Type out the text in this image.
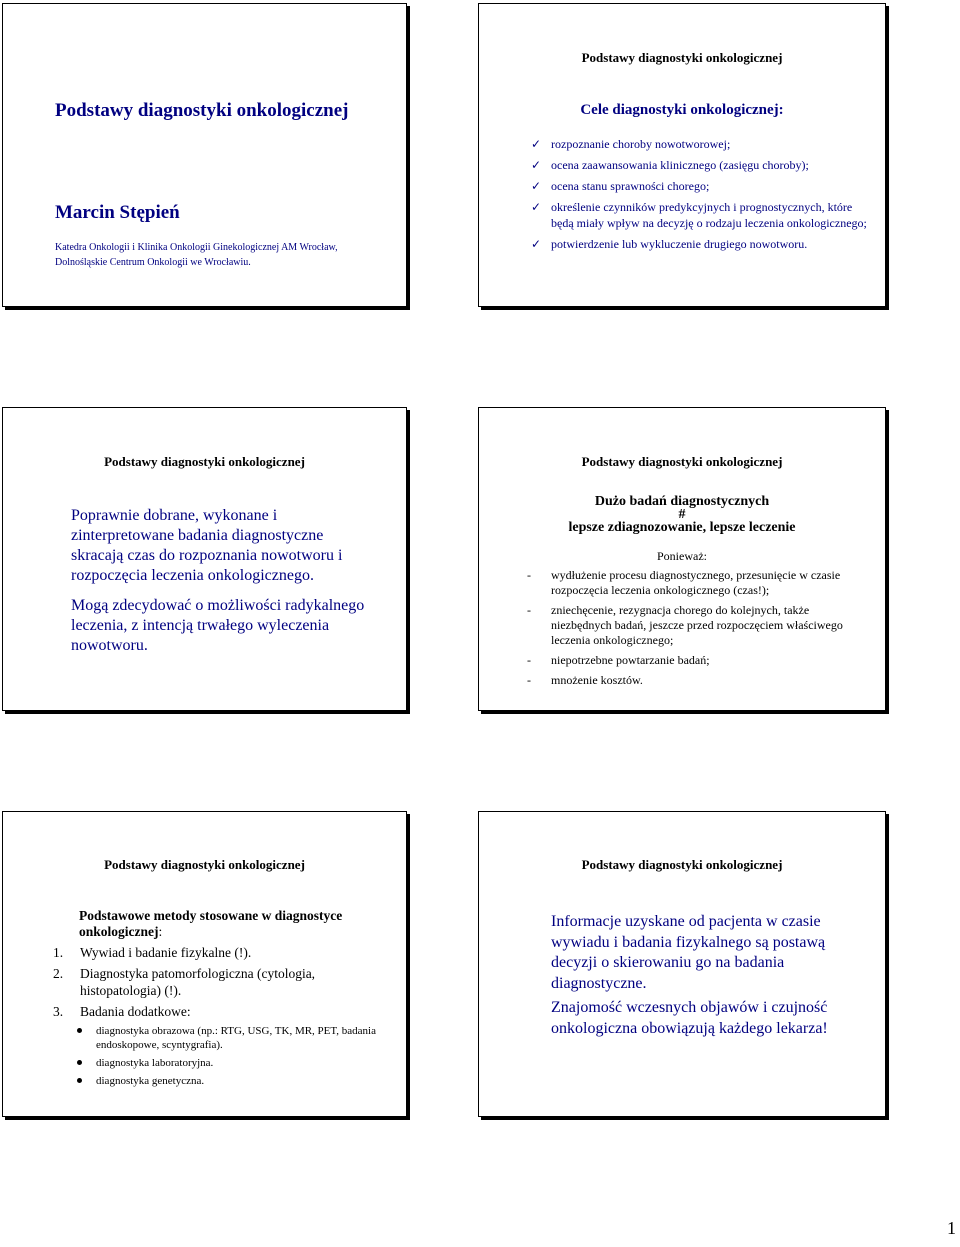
Podstawy diagnostyki onkologicznej
Marcin Stępień
Katedra Onkologii i Klinika Onkologii Ginekologicznej AM Wrocław,
Dolnośląskie Centrum Onkologii we Wrocławiu.
Podstawy diagnostyki onkologicznej
Cele diagnostyki onkologicznej:
✓ rozpoznanie choroby nowotworowej;
✓ ocena zaawansowania klinicznego (zasięgu choroby);
✓ ocena stanu sprawności chorego;
✓ określenie czynników predykcyjnych i prognostycznych, które będą miały wpływ na decyzję o rodzaju leczenia onkologicznego;
✓ potwierdzenie lub wykluczenie drugiego nowotworu.
Podstawy diagnostyki onkologicznej
Poprawnie dobrane, wykonane i zinterpretowane badania diagnostyczne skracają czas do rozpoznania nowotworu i rozpoczęcia leczenia onkologicznego.
Mogą zdecydować o możliwości radykalnego leczenia, z intencją trwałego wyleczenia nowotworu.
Podstawy diagnostyki onkologicznej
Dużo badań diagnostycznych
#
lepsze zdiagnozowanie, lepsze leczenie
Ponieważ:
- wydłużenie procesu diagnostycznego, przesunięcie w czasie rozpoczęcia leczenia onkologicznego (czas!);
- zniechęcenie, rezygnacja chorego do kolejnych, także niezbędnych badań, jeszcze przed rozpoczęciem właściwego leczenia onkologicznego;
- niepotrzebne powtarzanie badań;
- mnożenie kosztów.
Podstawy diagnostyki onkologicznej
Podstawowe metody stosowane w diagnostyce onkologicznej:
1. Wywiad i badanie fizykalne (!).
2. Diagnostyka patomorfologiczna (cytologia, histopatologia) (!).
3. Badania dodatkowe:
diagnostyka obrazowa (np.: RTG, USG, TK, MR, PET, badania endoskopowe, scyntygrafia).
diagnostyka laboratoryjna.
diagnostyka genetyczna.
Podstawy diagnostyki onkologicznej
Informacje uzyskane od pacjenta w czasie wywiadu i badania fizykalnego są postawą decyzji o skierowaniu go na badania diagnostyczne.
Znajomość wczesnych objawów i czujność onkologiczna obowiązują każdego lekarza!
1
